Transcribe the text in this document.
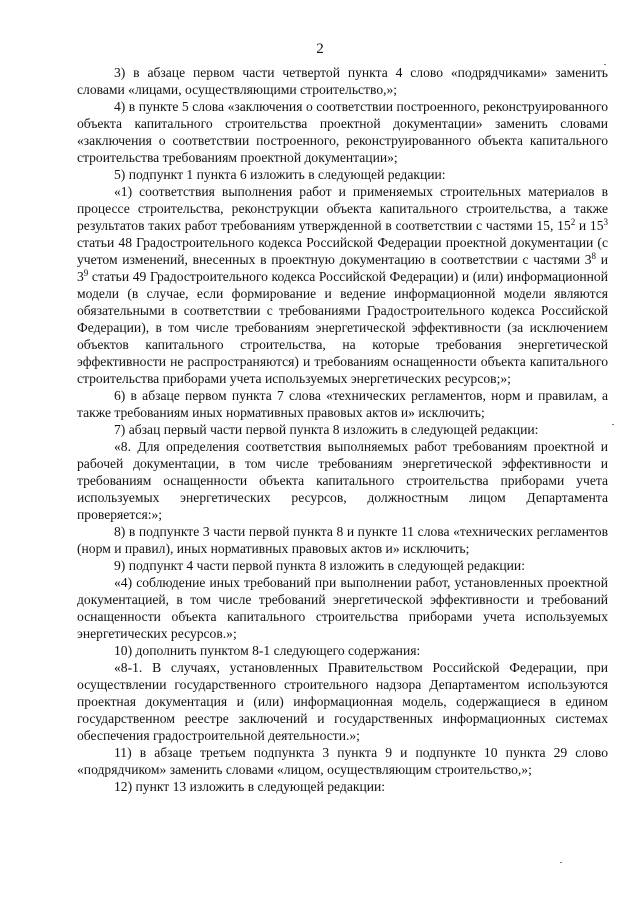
2

3) в абзаце первом части четвертой пункта 4 слово «подрядчиками» заменить словами «лицами, осуществляющими строительство,»;

4) в пункте 5 слова «заключения о соответствии построенного, реконструированного объекта капитального строительства проектной документации» заменить словами «заключения о соответствии построенного, реконструированного объекта капитального строительства требованиям проектной документации»;

5) подпункт 1 пункта 6 изложить в следующей редакции:

«1) соответствия выполнения работ и применяемых строительных материалов в процессе строительства, реконструкции объекта капитального строительства, а также результатов таких работ требованиям утвержденной в соответствии с частями 15, $15^2$ и $15^3$ статьи 48 Градостроительного кодекса Российской Федерации проектной документации (с учетом изменений, внесенных в проектную документацию в соответствии с частями $3^8$ и $3^9$ статьи 49 Градостроительного кодекса Российской Федерации) и (или) информационной модели (в случае, если формирование и ведение информационной модели являются обязательными в соответствии с требованиями Градостроительного кодекса Российской Федерации), в том числе требованиям энергетической эффективности (за исключением объектов капитального строительства, на которые требования энергетической эффективности не распространяются) и требованиям оснащенности объекта капитального строительства приборами учета используемых энергетических ресурсов;»;

6) в абзаце первом пункта 7 слова «технических регламентов, норм и правилам, а также требованиям иных нормативных правовых актов и» исключить;

7) абзац первый части первой пункта 8 изложить в следующей редакции:

«8. Для определения соответствия выполняемых работ требованиям проектной и рабочей документации, в том числе требованиям энергетической эффективности и требованиям оснащенности объекта капитального строительства приборами учета используемых энергетических ресурсов, должностным лицом Департамента проверяется:»;

8) в подпункте 3 части первой пункта 8 и пункте 11 слова «технических регламентов (норм и правил), иных нормативных правовых актов и» исключить;

9) подпункт 4 части первой пункта 8 изложить в следующей редакции:

«4) соблюдение иных требований при выполнении работ, установленных проектной документацией, в том числе требований энергетической эффективности и требований оснащенности объекта капитального строительства приборами учета используемых энергетических ресурсов.»;

10) дополнить пунктом 8-1 следующего содержания:

«8-1. В случаях, установленных Правительством Российской Федерации, при осуществлении государственного строительного надзора Департаментом используются проектная документация и (или) информационная модель, содержащиеся в едином государственном реестре заключений и государственных информационных системах обеспечения градостроительной деятельности.»;

11) в абзаце третьем подпункта 3 пункта 9 и подпункте 10 пункта 29 слово «подрядчиком» заменить словами «лицом, осуществляющим строительство,»;

12) пункт 13 изложить в следующей редакции:
